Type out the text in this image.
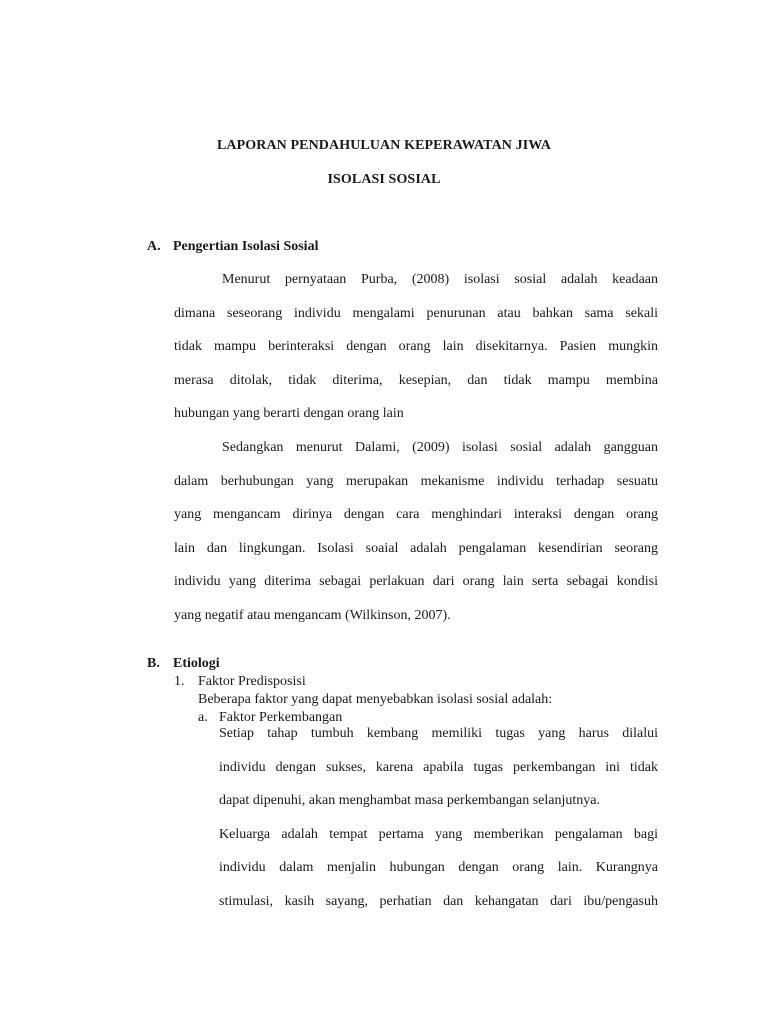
LAPORAN PENDAHULUAN KEPERAWATAN JIWA
ISOLASI SOSIAL
A. Pengertian Isolasi Sosial
Menurut pernyataan Purba, (2008) isolasi sosial adalah keadaan
dimana seseorang individu mengalami penurunan atau bahkan sama sekali
tidak mampu berinteraksi dengan orang lain disekitarnya. Pasien mungkin
merasa ditolak, tidak diterima, kesepian, dan tidak mampu membina
hubungan yang berarti dengan orang lain
Sedangkan menurut Dalami, (2009) isolasi sosial adalah gangguan
dalam berhubungan yang merupakan mekanisme individu terhadap sesuatu
yang mengancam dirinya dengan cara menghindari interaksi dengan orang
lain dan lingkungan. Isolasi soaial adalah pengalaman kesendirian seorang
individu yang diterima sebagai perlakuan dari orang lain serta sebagai kondisi
yang negatif atau mengancam (Wilkinson, 2007).
B. Etiologi
1. Faktor Predisposisi
Beberapa faktor yang dapat menyebabkan isolasi sosial adalah:
a. Faktor Perkembangan
Setiap tahap tumbuh kembang memiliki tugas yang harus dilalui
individu dengan sukses, karena apabila tugas perkembangan ini tidak
dapat dipenuhi, akan menghambat masa perkembangan selanjutnya.
Keluarga adalah tempat pertama yang memberikan pengalaman bagi
individu dalam menjalin hubungan dengan orang lain. Kurangnya
stimulasi, kasih sayang, perhatian dan kehangatan dari ibu/pengasuh
